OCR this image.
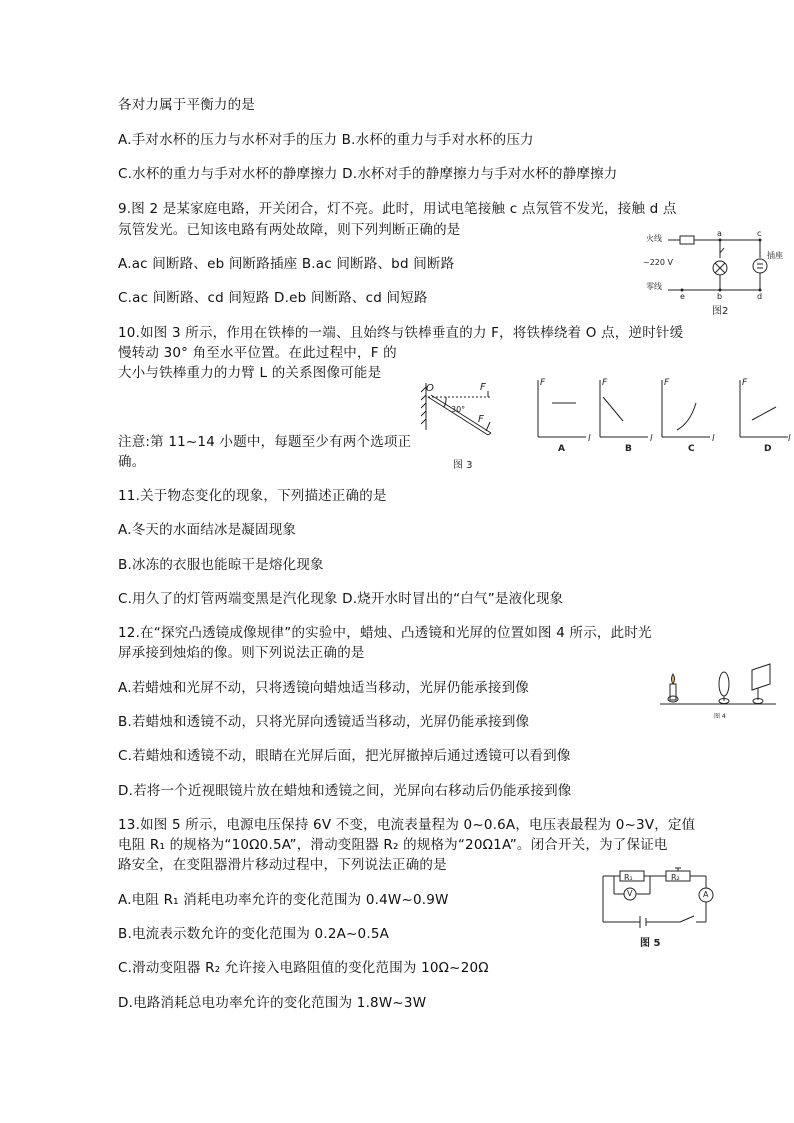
各对力属于平衡力的是
A.手对水杯的压力与水杯对手的压力 B.水杯的重力与手对水杯的压力
C.水杯的重力与手对水杯的静摩擦力 D.水杯对手的静摩擦力与手对水杯的静摩擦力
9.图 2 是某家庭电路，开关闭合，灯不亮。此时，用试电笔接触 c 点氖管不发光，接触 d 点
氖管发光。已知该电路有两处故障，则下列判断正确的是
A.ac 间断路、eb 间断路插座 B.ac 间断路、bd 间断路
C.ac 间断路、cd 间短路 D.eb 间断路、cd 间短路
10.如图 3 所示，作用在铁棒的一端、且始终与铁棒垂直的力 F，将铁棒绕着 O 点，逆时针缓
慢转动 30° 角至水平位置。在此过程中，F 的
大小与铁棒重力的力臂 L 的关系图像可能是
注意:第 11~14 小题中，每题至少有两个选项正
确。
11.关于物态变化的现象，下列描述正确的是
A.冬天的水面结冰是凝固现象
B.冰冻的衣服也能晾干是熔化现象
C.用久了的灯管两端变黑是汽化现象 D.烧开水时冒出的“白气”是液化现象
12.在“探究凸透镜成像规律”的实验中，蜡烛、凸透镜和光屏的位置如图 4 所示，此时光
屏承接到烛焰的像。则下列说法正确的是
A.若蜡烛和光屏不动，只将透镜向蜡烛适当移动，光屏仍能承接到像
B.若蜡烛和透镜不动，只将光屏向透镜适当移动，光屏仍能承接到像
C.若蜡烛和透镜不动，眼睛在光屏后面，把光屏撤掉后通过透镜可以看到像
D.若将一个近视眼镜片放在蜡烛和透镜之间，光屏向右移动后仍能承接到像
13.如图 5 所示，电源电压保持 6V 不变，电流表量程为 0~0.6A，电压表最程为 0~3V，定值
电阻 R₁ 的规格为“10Ω0.5A”，滑动变阻器 R₂ 的规格为“20Ω1A”。闭合开关，为了保证电
路安全，在变阻器滑片移动过程中，下列说法正确的是
A.电阻 R₁ 消耗电功率允许的变化范围为 0.4W~0.9W
B.电流表示数允许的变化范围为 0.2A~0.5A
C.滑动变阻器 R₂ 允许接入电路阻值的变化范围为 10Ω~20Ω
D.电路消耗总电功率允许的变化范围为 1.8W~3W
火线
~220 V
零线
插座
a	c
e	b	d
图2
O	F
F
30°
图 3
F
l
F
l
F
l
F
l
A	B	C	D
图 4
R₁	R₂
V	A
图 5
